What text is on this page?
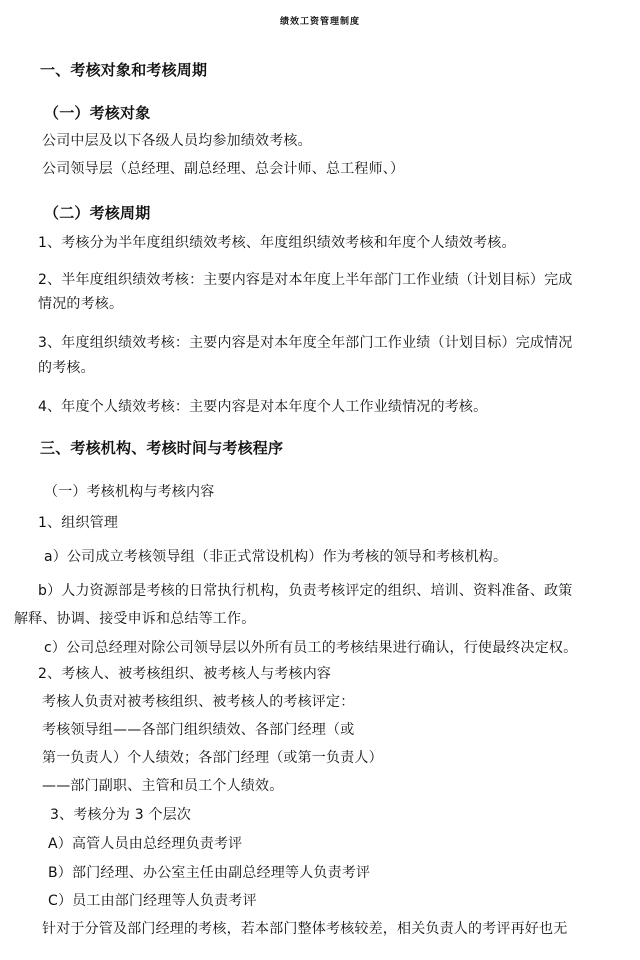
绩效工资管理制度
一、考核对象和考核周期
（一）考核对象
公司中层及以下各级人员均参加绩效考核。
公司领导层（总经理、副总经理、总会计师、总工程师、）
（二）考核周期
1、考核分为半年度组织绩效考核、年度组织绩效考核和年度个人绩效考核。
2、半年度组织绩效考核：主要内容是对本年度上半年部门工作业绩（计划目标）完成
情况的考核。
3、年度组织绩效考核：主要内容是对本年度全年部门工作业绩（计划目标）完成情况
的考核。
4、年度个人绩效考核：主要内容是对本年度个人工作业绩情况的考核。
三、考核机构、考核时间与考核程序
（一）考核机构与考核内容
1、组织管理
a）公司成立考核领导组（非正式常设机构）作为考核的领导和考核机构。
b）人力资源部是考核的日常执行机构，负责考核评定的组织、培训、资料准备、政策
解释、协调、接受申诉和总结等工作。
c）公司总经理对除公司领导层以外所有员工的考核结果进行确认，行使最终决定权。
2、考核人、被考核组织、被考核人与考核内容
考核人负责对被考核组织、被考核人的考核评定：
考核领导组——各部门组织绩效、各部门经理（或
第一负责人）个人绩效；各部门经理（或第一负责人）
——部门副职、主管和员工个人绩效。
3、考核分为 3 个层次
A）高管人员由总经理负责考评
B）部门经理、办公室主任由副总经理等人负责考评
C）员工由部门经理等人负责考评
针对于分管及部门经理的考核，若本部门整体考核较差，相关负责人的考评再好也无
